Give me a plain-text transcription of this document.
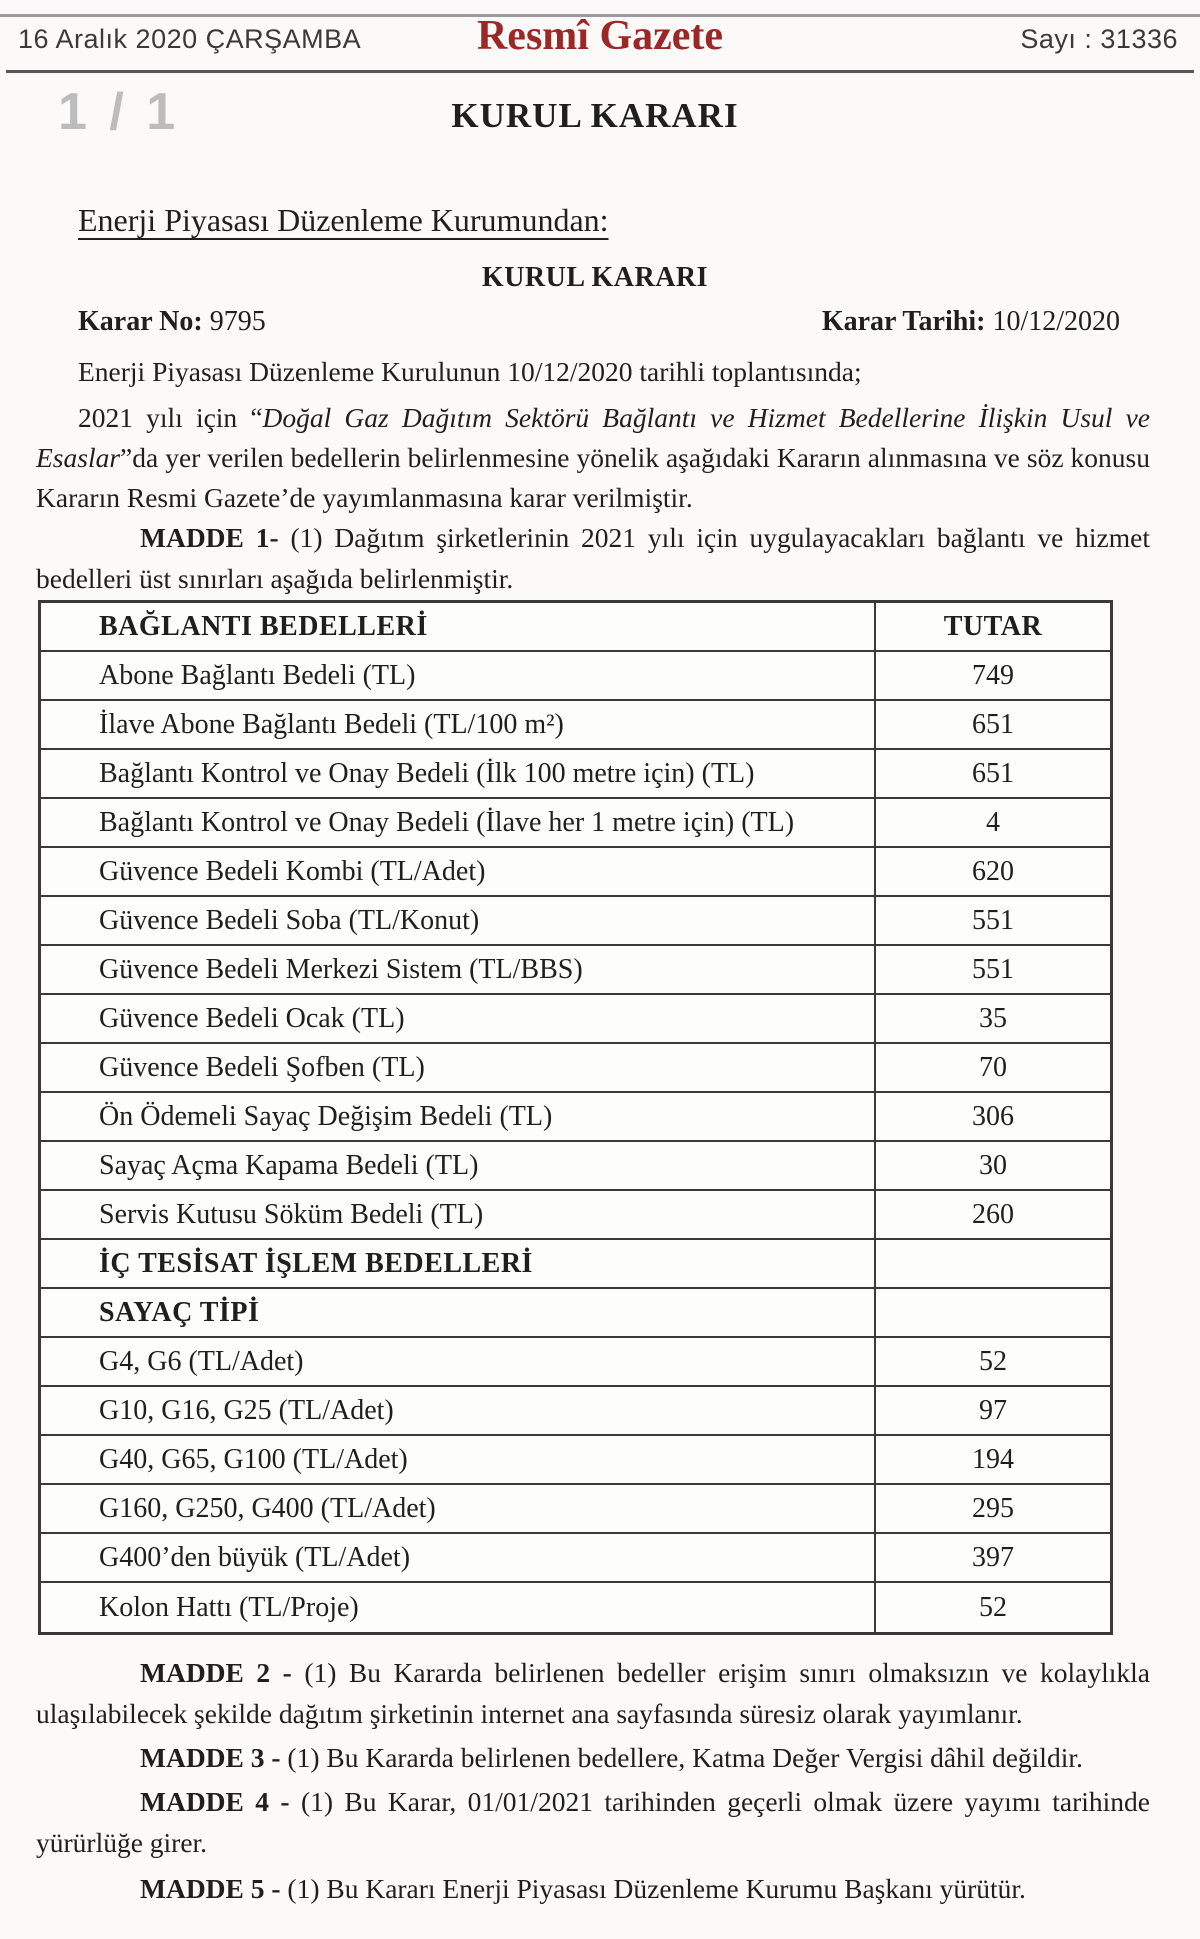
16 Aralık 2020 ÇARŞAMBA	Resmî Gazete	Sayı : 31336
1 / 1	KURUL KARARI
Enerji Piyasası Düzenleme Kurumundan:
KURUL KARARI
Karar No: 9795	Karar Tarihi: 10/12/2020
Enerji Piyasası Düzenleme Kurulunun 10/12/2020 tarihli toplantısında;

2021 yılı için “Doğal Gaz Dağıtım Sektörü Bağlantı ve Hizmet Bedellerine İlişkin Usul ve Esaslar”da yer verilen bedellerin belirlenmesine yönelik aşağıdaki Kararın alınmasına ve söz konusu Kararın Resmi Gazete’de yayımlanmasına karar verilmiştir.

MADDE 1- (1) Dağıtım şirketlerinin 2021 yılı için uygulayacakları bağlantı ve hizmet bedelleri üst sınırları aşağıda belirlenmiştir.

BAĞLANTI BEDELLERİ	TUTAR
Abone Bağlantı Bedeli (TL)	749
İlave Abone Bağlantı Bedeli (TL/100 m²)	651
Bağlantı Kontrol ve Onay Bedeli (İlk 100 metre için) (TL)	651
Bağlantı Kontrol ve Onay Bedeli (İlave her 1 metre için) (TL)	4
Güvence Bedeli Kombi (TL/Adet)	620
Güvence Bedeli Soba (TL/Konut)	551
Güvence Bedeli Merkezi Sistem (TL/BBS)	551
Güvence Bedeli Ocak (TL)	35
Güvence Bedeli Şofben (TL)	70
Ön Ödemeli Sayaç Değişim Bedeli (TL)	306
Sayaç Açma Kapama Bedeli (TL)	30
Servis Kutusu Söküm Bedeli (TL)	260
İÇ TESİSAT İŞLEM BEDELLERİ
SAYAÇ TİPİ
G4, G6 (TL/Adet)	52
G10, G16, G25 (TL/Adet)	97
G40, G65, G100 (TL/Adet)	194
G160, G250, G400 (TL/Adet)	295
G400’den büyük (TL/Adet)	397
Kolon Hattı (TL/Proje)	52

MADDE 2 - (1) Bu Kararda belirlenen bedeller erişim sınırı olmaksızın ve kolaylıkla ulaşılabilecek şekilde dağıtım şirketinin internet ana sayfasında süresiz olarak yayımlanır.

MADDE 3 - (1) Bu Kararda belirlenen bedellere, Katma Değer Vergisi dâhil değildir.

MADDE 4 - (1) Bu Karar, 01/01/2021 tarihinden geçerli olmak üzere yayımı tarihinde yürürlüğe girer.

MADDE 5 - (1) Bu Kararı Enerji Piyasası Düzenleme Kurumu Başkanı yürütür.
